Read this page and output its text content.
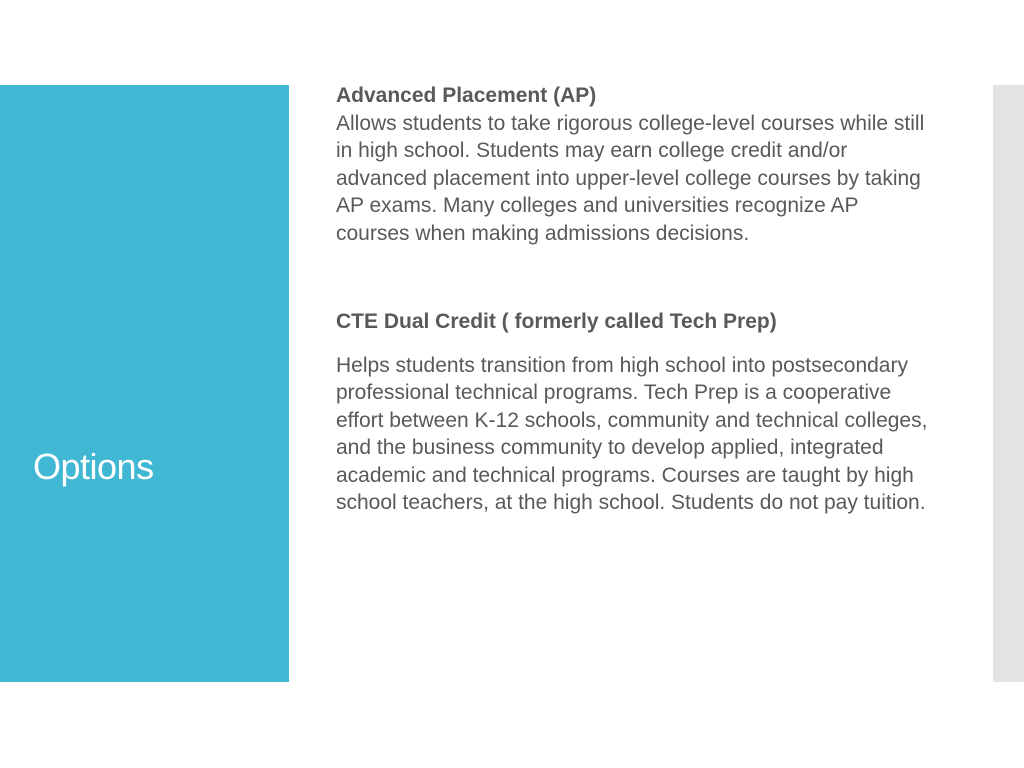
Options

Advanced Placement (AP)

Allows students to take rigorous college-level courses while still in high school. Students may earn college credit and/or advanced placement into upper-level college courses by taking AP exams. Many colleges and universities recognize AP courses when making admissions decisions.

CTE Dual Credit ( formerly called Tech Prep)

Helps students transition from high school into postsecondary professional technical programs. Tech Prep is a cooperative effort between K-12 schools, community and technical colleges, and the business community to develop applied, integrated academic and technical programs. Courses are taught by high school teachers, at the high school. Students do not pay tuition.
